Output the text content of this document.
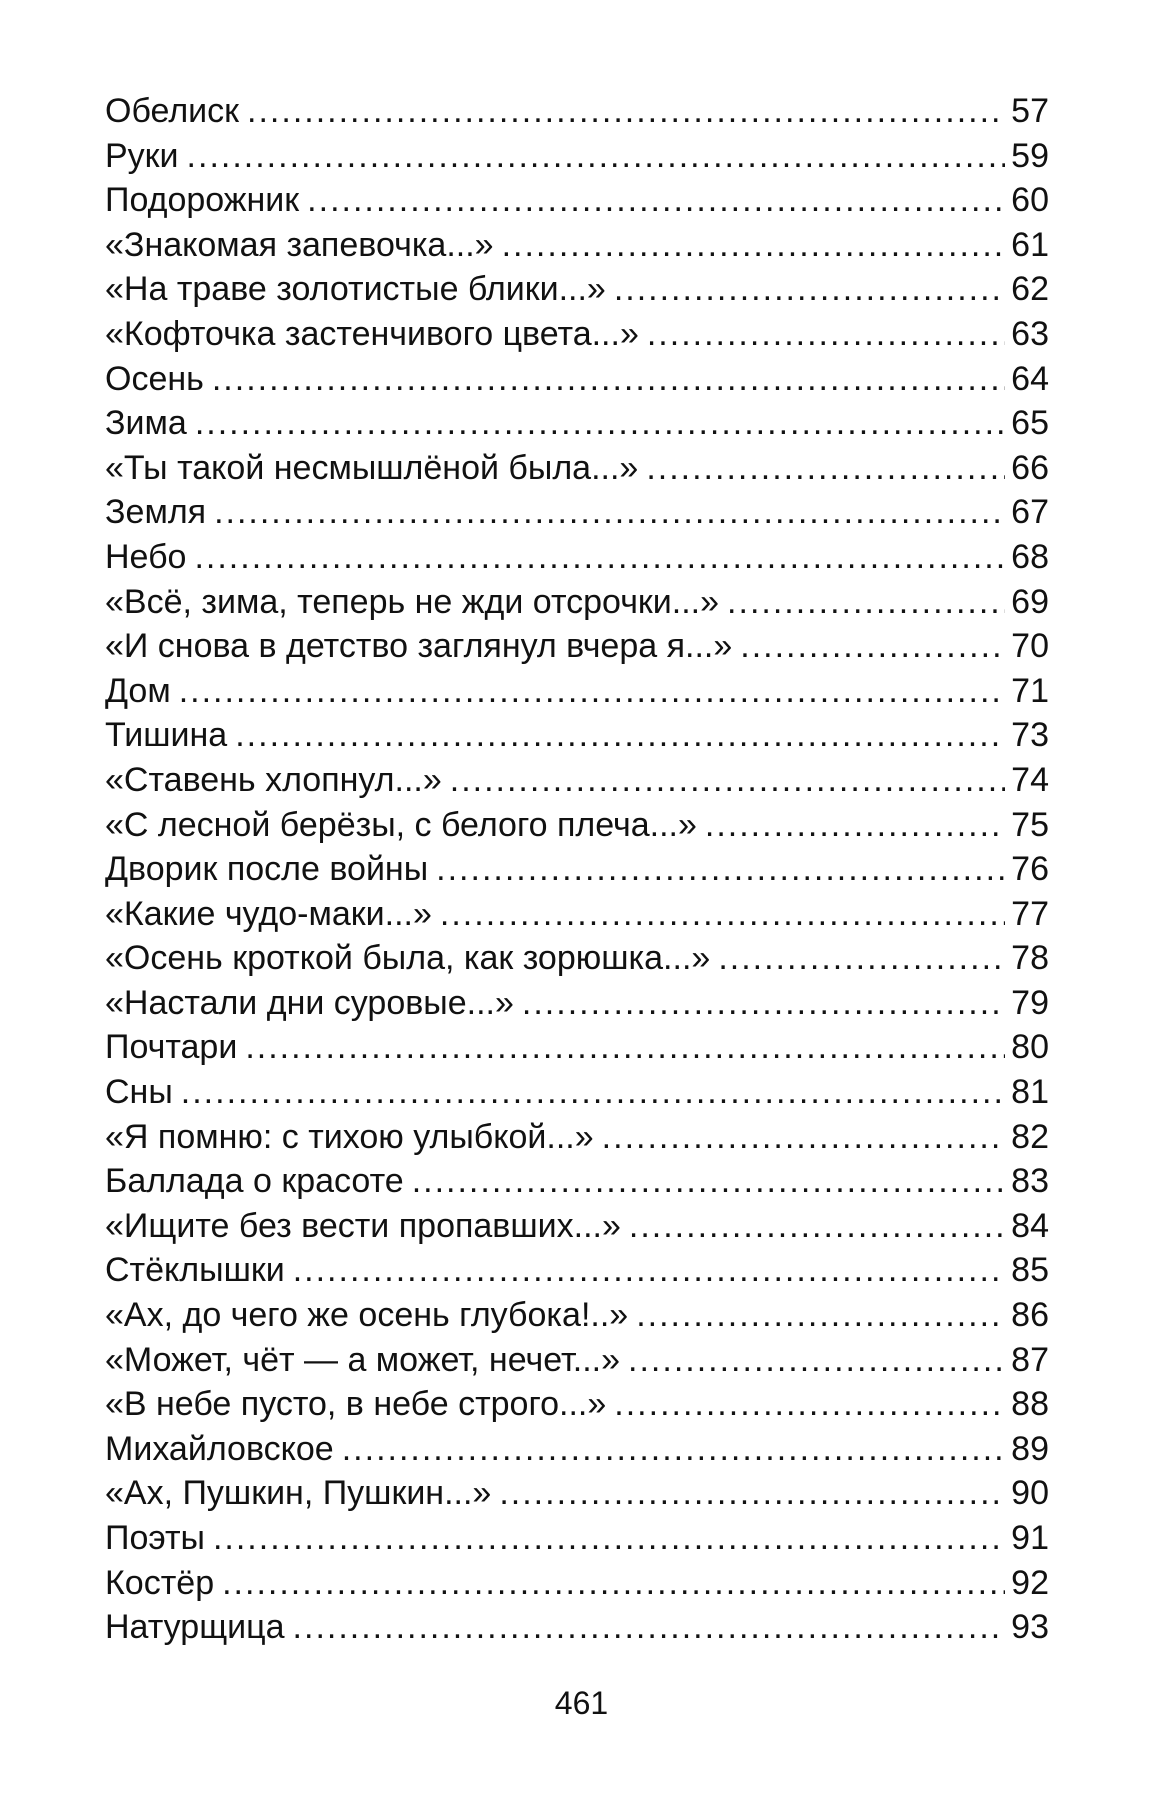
Обелиск .....	57
Руки .....	59
Подорожник .....	60
«Знакомая запевочка...» .....	61
«На траве золотистые блики...» .....	62
«Кофточка застенчивого цвета...» .....	63
Осень .....	64
Зима .....	65
«Ты такой несмышлёной была...» .....	66
Земля .....	67
Небо .....	68
«Всё, зима, теперь не жди отсрочки...» .....	69
«И снова в детство заглянул вчера я...» .....	70
Дом .....	71
Тишина .....	73
«Ставень хлопнул...» .....	74
«С лесной берёзы, с белого плеча...» .....	75
Дворик после войны .....	76
«Какие чудо-маки...» .....	77
«Осень кроткой была, как зорюшка...» .....	78
«Настали дни суровые...» .....	79
Почтари .....	80
Сны .....	81
«Я помню: с тихою улыбкой...» .....	82
Баллада о красоте .....	83
«Ищите без вести пропавших...» .....	84
Стёклышки .....	85
«Ах, до чего же осень глубока!..» .....	86
«Может, чёт — а может, нечет...» .....	87
«В небе пусто, в небе строго...» .....	88
Михайловское .....	89
«Ах, Пушкин, Пушкин...» .....	90
Поэты .....	91
Костёр .....	92
Натурщица .....	93
461
